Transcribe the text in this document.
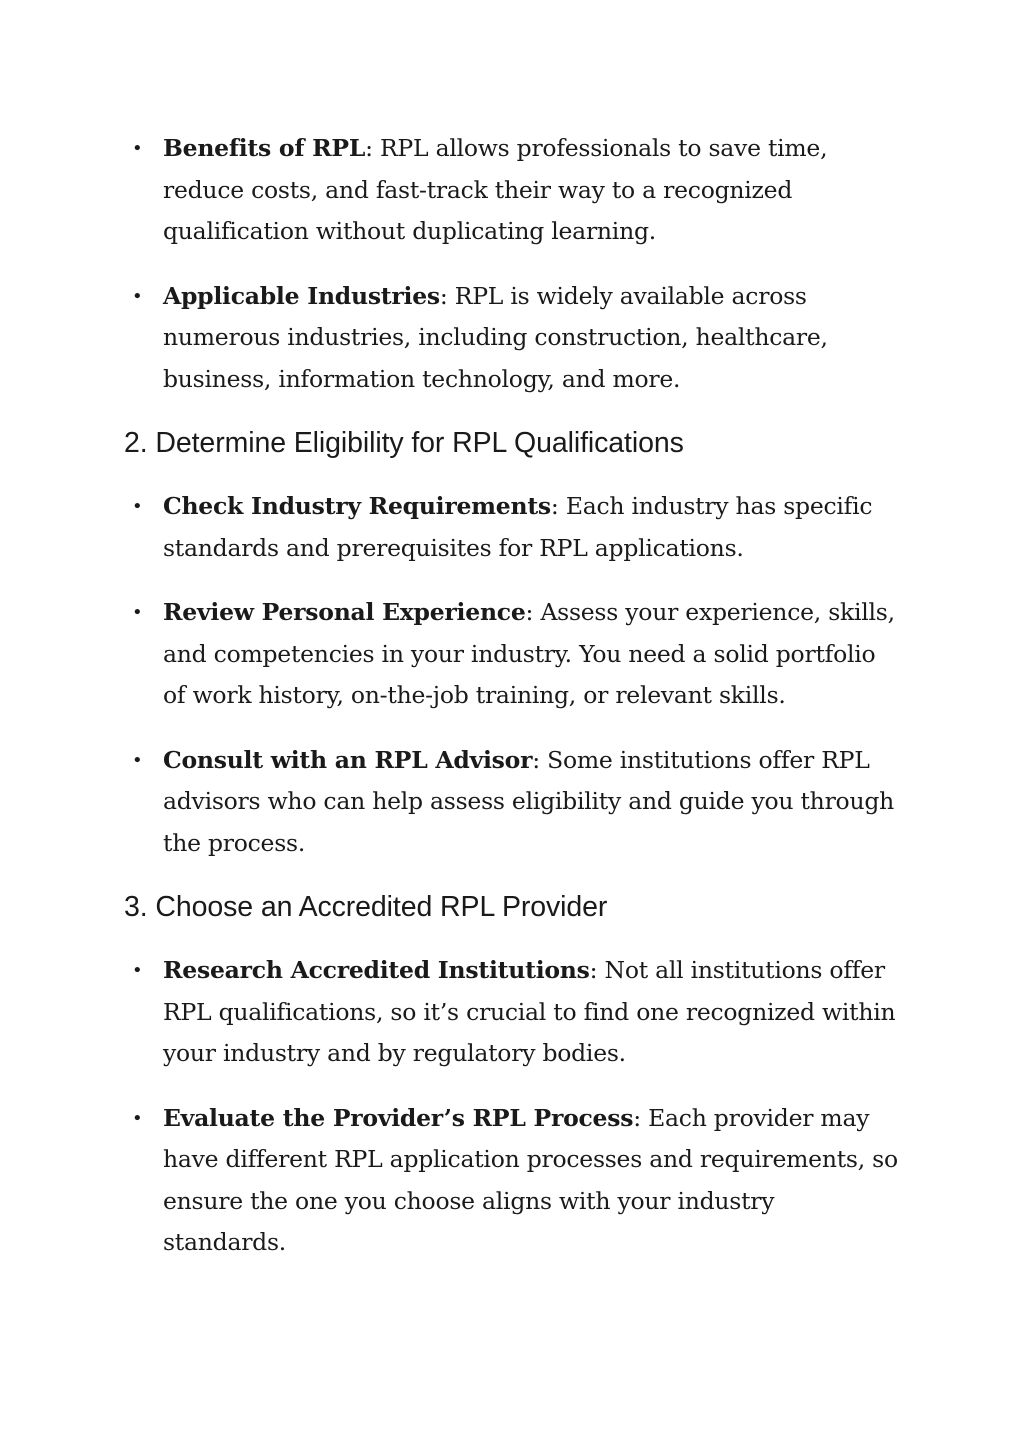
• Benefits of RPL: RPL allows professionals to save time, reduce costs, and fast-track their way to a recognized qualification without duplicating learning.
• Applicable Industries: RPL is widely available across numerous industries, including construction, healthcare, business, information technology, and more.
2. Determine Eligibility for RPL Qualifications
• Check Industry Requirements: Each industry has specific standards and prerequisites for RPL applications.
• Review Personal Experience: Assess your experience, skills, and competencies in your industry. You need a solid portfolio of work history, on-the-job training, or relevant skills.
• Consult with an RPL Advisor: Some institutions offer RPL advisors who can help assess eligibility and guide you through the process.
3. Choose an Accredited RPL Provider
• Research Accredited Institutions: Not all institutions offer RPL qualifications, so it’s crucial to find one recognized within your industry and by regulatory bodies.
• Evaluate the Provider’s RPL Process: Each provider may have different RPL application processes and requirements, so ensure the one you choose aligns with your industry standards.
